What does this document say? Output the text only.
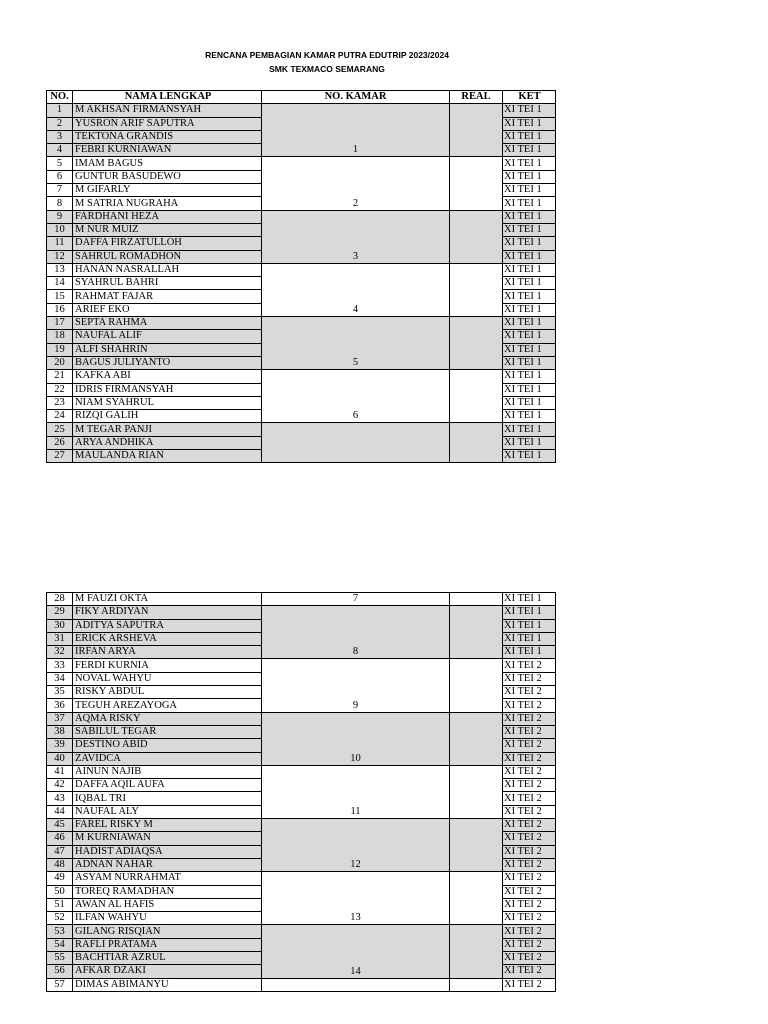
RENCANA PEMBAGIAN KAMAR PUTRA EDUTRIP 2023/2024
SMK TEXMACO SEMARANG
NO.	NAMA LENGKAP	NO. KAMAR	REAL	KET
1	M AKHSAN FIRMANSYAH	1		XI TEI 1
2	YUSRON ARIF SAPUTRA			XI TEI 1
3	TEKTONA GRANDIS			XI TEI 1
4	FEBRI KURNIAWAN			XI TEI 1
5	IMAM BAGUS	2		XI TEI 1
6	GUNTUR BASUDEWO			XI TEI 1
7	M GIFARLY			XI TEI 1
8	M SATRIA NUGRAHA			XI TEI 1
9	FARDHANI HEZA	3		XI TEI 1
10	M NUR MUIZ			XI TEI 1
11	DAFFA FIRZATULLOH			XI TEI 1
12	SAHRUL ROMADHON			XI TEI 1
13	HANAN NASRALLAH	4		XI TEI 1
14	SYAHRUL BAHRI			XI TEI 1
15	RAHMAT FAJAR			XI TEI 1
16	ARIEF EKO			XI TEI 1
17	SEPTA RAHMA	5		XI TEI 1
18	NAUFAL ALIF			XI TEI 1
19	ALFI SHAHRIN			XI TEI 1
20	BAGUS JULIYANTO			XI TEI 1
21	KAFKA ABI	6		XI TEI 1
22	IDRIS FIRMANSYAH			XI TEI 1
23	NIAM SYAHRUL			XI TEI 1
24	RIZQI GALIH			XI TEI 1
25	M TEGAR PANJI			XI TEI 1
26	ARYA ANDHIKA			XI TEI 1
27	MAULANDA RIAN			XI TEI 1
28	M FAUZI OKTA	7		XI TEI 1
29	FIKY ARDIYAN	8		XI TEI 1
30	ADITYA SAPUTRA			XI TEI 1
31	ERICK ARSHEVA			XI TEI 1
32	IRFAN ARYA			XI TEI 1
33	FERDI KURNIA	9		XI TEI 2
34	NOVAL WAHYU			XI TEI 2
35	RISKY ABDUL			XI TEI 2
36	TEGUH AREZAYOGA			XI TEI 2
37	AQMA RISKY	10		XI TEI 2
38	SABILUL TEGAR			XI TEI 2
39	DESTINO ABID			XI TEI 2
40	ZAVIDCA			XI TEI 2
41	AINUN NAJIB	11		XI TEI 2
42	DAFFA AQIL AUFA			XI TEI 2
43	IQBAL TRI			XI TEI 2
44	NAUFAL ALY			XI TEI 2
45	FAREL RISKY M	12		XI TEI 2
46	M KURNIAWAN			XI TEI 2
47	HADIST ADIAQSA			XI TEI 2
48	ADNAN NAHAR			XI TEI 2
49	ASYAM NURRAHMAT	13		XI TEI 2
50	TOREQ RAMADHAN			XI TEI 2
51	AWAN AL HAFIS			XI TEI 2
52	ILFAN WAHYU			XI TEI 2
53	GILANG RISQIAN	14		XI TEI 2
54	RAFLI PRATAMA			XI TEI 2
55	BACHTIAR AZRUL			XI TEI 2
56	AFKAR DZAKI			XI TEI 2
57	DIMAS ABIMANYU			XI TEI 2
